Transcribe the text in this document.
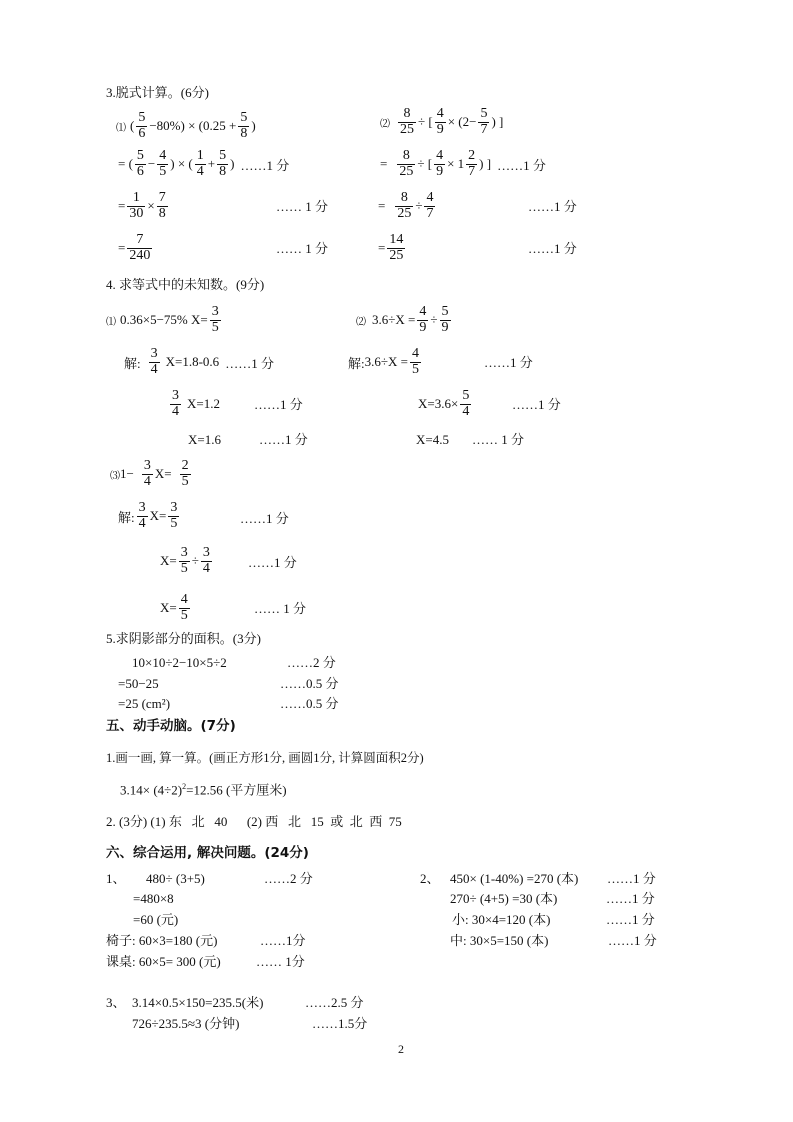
3.脱式计算。(6分)
⑴ (
5
$6 -80\%) \times (0.25 + \frac{5}{8}$ )
= (
5
$6 - \frac{4}{5}$ ) × (
1
$4 + \frac{5}{8}$ ) ……1 分
= $\frac{1}{30} \times \frac{7}{8}$	…… 1 分
= $\frac{7}{240}$	…… 1 分
⑵ $\frac{8}{25}$ ÷ [ $\frac{4}{9} \times (2- \frac{5}{7}$ ) ]
= $\frac{8}{25}$ ÷ [ $\frac{4}{9} \times 1$
2
7 ) ] ……1 分
= $\frac{8}{25} \div \frac{4}{7}$	……1 分
= $\frac{14}{25}$	……1 分
4. 求等式中的未知数。(9分)
⑴ 0.36×5−75% $X= \frac{3}{5}$
解:
3
4 X=1.8-0.6 ……1 分
3
4 X=1.2	……1 分
X=1.6	……1 分
⑵ $3.6\div X = \frac{4}{9} \div \frac{5}{9}$
解: $3.6\div X = \frac{4}{5}$	……1 分
$X=3.6\times \frac{5}{4}$	……1 分
X=4.5 …… 1 分
⑶ 1−
3
4 X=
2
5
解:
3
4 $X= \frac{3}{5}$	……1 分
$X= \frac{3}{5} \div \frac{3}{4}$	……1 分
$X= \frac{4}{5}$	…… 1 分
5.求阴影部分的面积。(3分)
10×10÷2−10×5÷2	……2 分
=50−25	……0.5 分
=25 (cm²)	……0.5 分
五、动手动脑。(7分)
1.画一画, 算一算。(画正方形1分, 画圆1分, 计算圆面积2分)
$3.14\times (4\div 2)^2=12.56$ (平方厘米)
2. (3分) (1) 东   北   40      (2) 西   北   15  或  北  西  75
六、综合运用, 解决问题。(24分)
1、 480÷ (3+5)	……2 分
=480×8
=60 (元)
椅子: 60×3=180 (元)	……1分
课桌: 60×5= 300 (元)	…… 1分
2、 450× (1-40%) =270 (本) ……1 分
270÷ (4+5) =30 (本)	……1 分
小: 30×4=120 (本)	……1 分
中: 30×5=150 (本)	……1 分
3、 3.14×0.5×150=235.5(米)	……2.5 分
726÷235.5≈3 (分钟)	……1.5分
2
